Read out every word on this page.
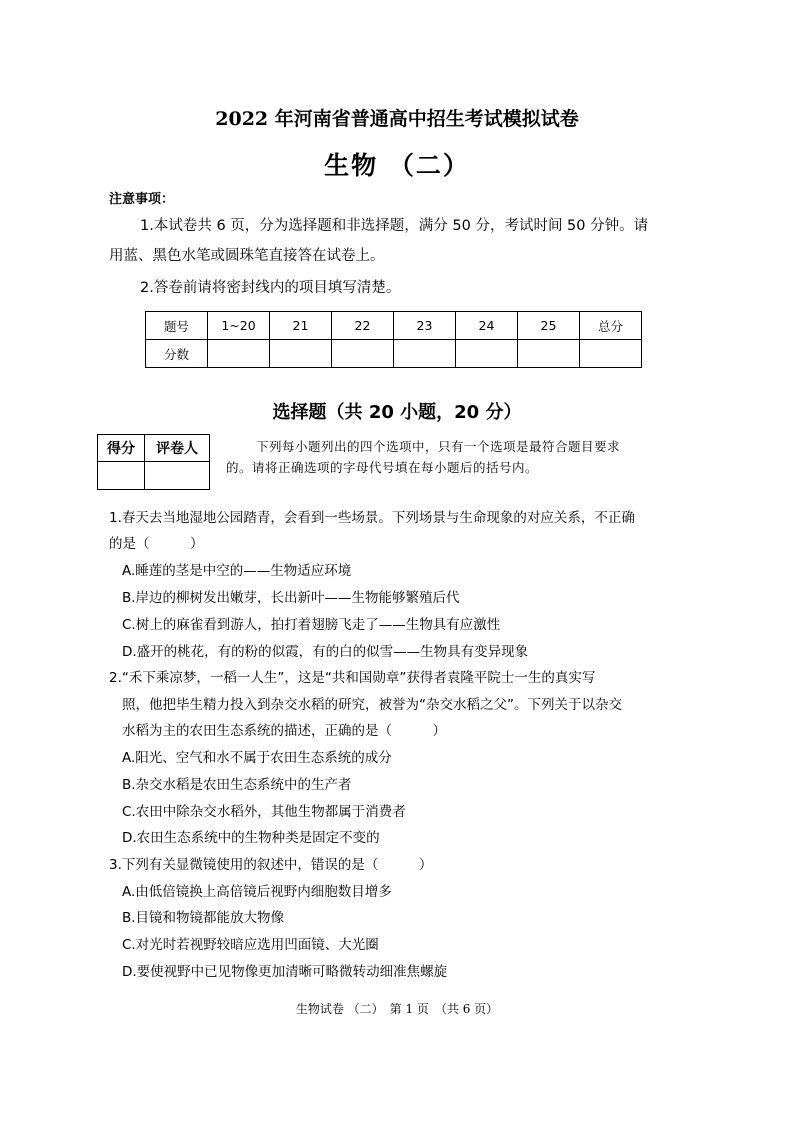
2022 年河南省普通高中招生考试模拟试卷
生物 （二）
注意事项：
1.本试卷共 6 页，分为选择题和非选择题，满分 50 分，考试时间 50 分钟。请
用蓝、黑色水笔或圆珠笔直接答在试卷上。
2.答卷前请将密封线内的项目填写清楚。
题号	1~20	21	22	23	24	25	总分
分数							
选择题（共 20 小题，20 分）
得分	评卷人
		下列每小题列出的四个选项中，只有一个选项是最符合题目要求
的。请将正确选项的字母代号填在每小题后的括号内。
1.春天去当地湿地公园踏青，会看到一些场景。下列场景与生命现象的对应关系，不正确
的是（　　　）
A.睡莲的茎是中空的——生物适应环境
B.岸边的柳树发出嫩芽，长出新叶——生物能够繁殖后代
C.树上的麻雀看到游人，拍打着翅膀飞走了——生物具有应激性
D.盛开的桃花，有的粉的似霞，有的白的似雪——生物具有变异现象
2.“禾下乘凉梦，一稻一人生”，这是“共和国勋章”获得者袁隆平院士一生的真实写
照，他把毕生精力投入到杂交水稻的研究，被誉为“杂交水稻之父”。下列关于以杂交
水稻为主的农田生态系统的描述，正确的是（　　　）
A.阳光、空气和水不属于农田生态系统的成分
B.杂交水稻是农田生态系统中的生产者
C.农田中除杂交水稻外，其他生物都属于消费者
D.农田生态系统中的生物种类是固定不变的
3.下列有关显微镜使用的叙述中，错误的是（　　　）
A.由低倍镜换上高倍镜后视野内细胞数目增多
B.目镜和物镜都能放大物像
C.对光时若视野较暗应选用凹面镜、大光圈
D.要使视野中已见物像更加清晰可略微转动细准焦螺旋
生物试卷 （二）　第 1 页　（共 6 页）
